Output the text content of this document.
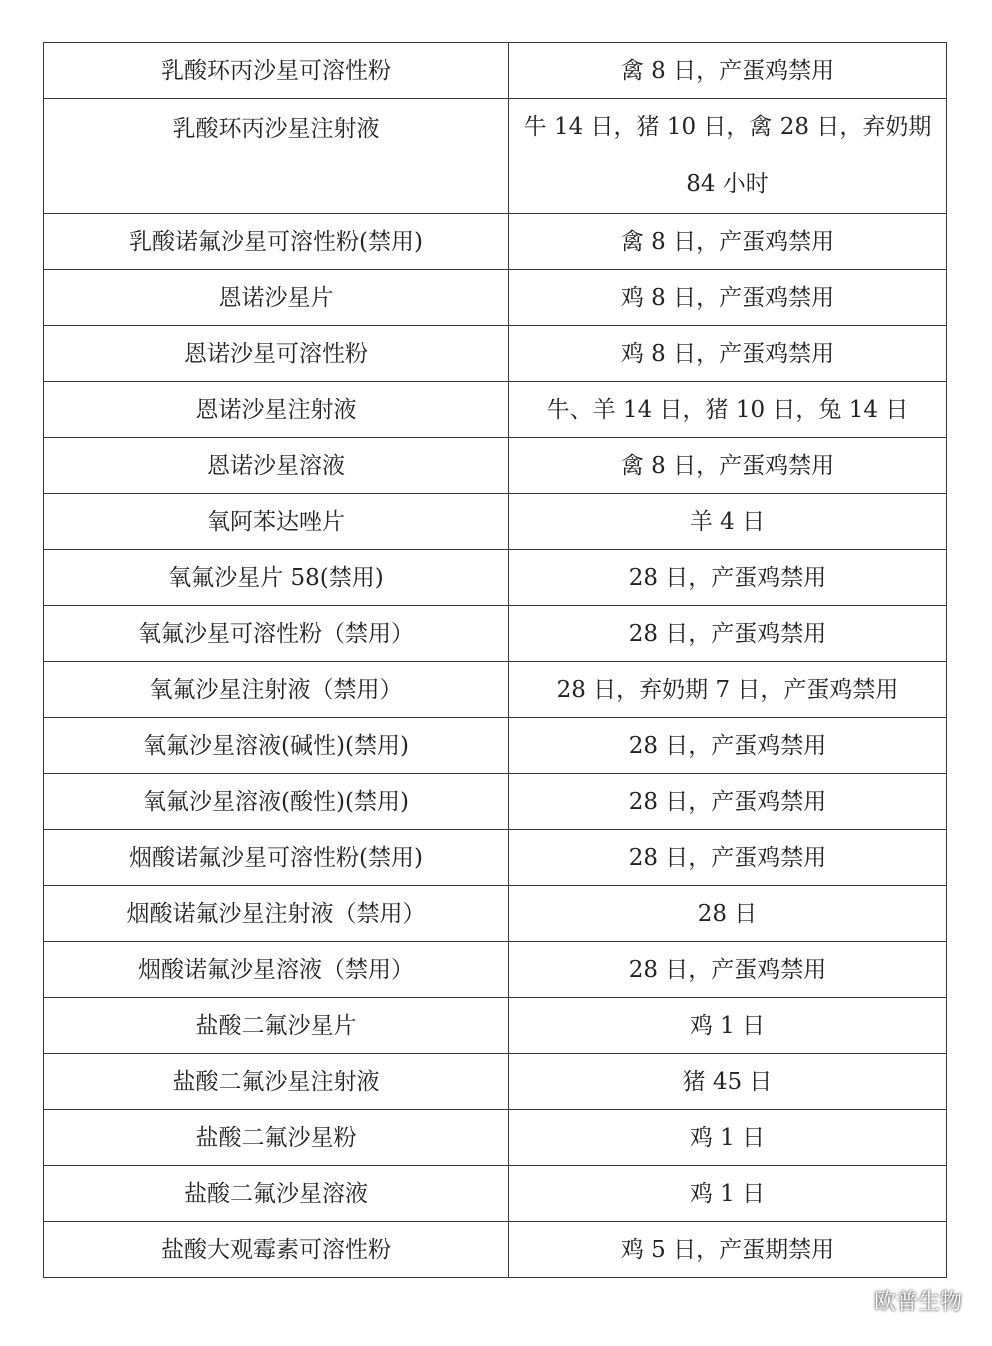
乳酸环丙沙星可溶性粉	禽 8 日，产蛋鸡禁用
乳酸环丙沙星注射液	牛 14 日，猪 10 日，禽 28 日，弃奶期 84 小时
乳酸诺氟沙星可溶性粉(禁用)	禽 8 日，产蛋鸡禁用
恩诺沙星片	鸡 8 日，产蛋鸡禁用
恩诺沙星可溶性粉	鸡 8 日，产蛋鸡禁用
恩诺沙星注射液	牛、羊 14 日，猪 10 日，兔 14 日
恩诺沙星溶液	禽 8 日，产蛋鸡禁用
氧阿苯达唑片	羊 4 日
氧氟沙星片 58(禁用)	28 日，产蛋鸡禁用
氧氟沙星可溶性粉（禁用）	28 日，产蛋鸡禁用
氧氟沙星注射液（禁用）	28 日，弃奶期 7 日，产蛋鸡禁用
氧氟沙星溶液(碱性)(禁用)	28 日，产蛋鸡禁用
氧氟沙星溶液(酸性)(禁用)	28 日，产蛋鸡禁用
烟酸诺氟沙星可溶性粉(禁用)	28 日，产蛋鸡禁用
烟酸诺氟沙星注射液（禁用）	28 日
烟酸诺氟沙星溶液（禁用）	28 日，产蛋鸡禁用
盐酸二氟沙星片	鸡 1 日
盐酸二氟沙星注射液	猪 45 日
盐酸二氟沙星粉	鸡 1 日
盐酸二氟沙星溶液	鸡 1 日
盐酸大观霉素可溶性粉	鸡 5 日，产蛋期禁用
欧普生物
